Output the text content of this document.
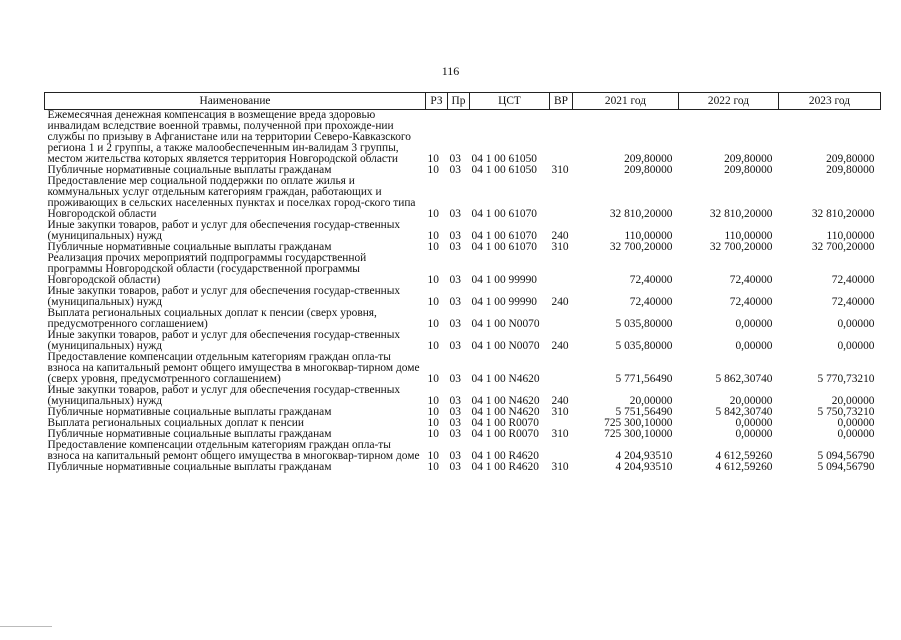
116
Наименование	РЗ	Пр	ЦСТ	ВР	2021 год	2022 год	2023 год
Ежемесячная денежная компенсация в возмещение вреда здоровью инвалидам вследствие военной травмы, полученной при прохожде-нии службы по призыву в Афганистане или на территории Северо-Кавказского региона 1 и 2 группы, а также малообеспеченным ин-валидам 3 группы, местом жительства которых является территория Новгородской области	10	03	04 1 00 61050		209,80000	209,80000	209,80000
Публичные нормативные социальные выплаты гражданам	10	03	04 1 00 61050	310	209,80000	209,80000	209,80000
Предоставление мер социальной поддержки по оплате жилья и коммунальных услуг отдельным категориям граждан, работающих и проживающих в сельских населенных пунктах и поселках город-ского типа Новгородской области	10	03	04 1 00 61070		32 810,20000	32 810,20000	32 810,20000
Иные закупки товаров, работ и услуг для обеспечения государ-ственных (муниципальных) нужд	10	03	04 1 00 61070	240	110,00000	110,00000	110,00000
Публичные нормативные социальные выплаты гражданам	10	03	04 1 00 61070	310	32 700,20000	32 700,20000	32 700,20000
Реализация прочих мероприятий подпрограммы государственной программы Новгородской области (государственной программы Новгородской области)	10	03	04 1 00 99990		72,40000	72,40000	72,40000
Иные закупки товаров, работ и услуг для обеспечения государ-ственных (муниципальных) нужд	10	03	04 1 00 99990	240	72,40000	72,40000	72,40000
Выплата региональных социальных доплат к пенсии (сверх уровня, предусмотренного соглашением)	10	03	04 1 00 N0070		5 035,80000	0,00000	0,00000
Иные закупки товаров, работ и услуг для обеспечения государ-ственных (муниципальных) нужд	10	03	04 1 00 N0070	240	5 035,80000	0,00000	0,00000
Предоставление компенсации отдельным категориям граждан опла-ты взноса на капитальный ремонт общего имущества в многоквар-тирном доме (сверх уровня, предусмотренного соглашением)	10	03	04 1 00 N4620		5 771,56490	5 862,30740	5 770,73210
Иные закупки товаров, работ и услуг для обеспечения государ-ственных (муниципальных) нужд	10	03	04 1 00 N4620	240	20,00000	20,00000	20,00000
Публичные нормативные социальные выплаты гражданам	10	03	04 1 00 N4620	310	5 751,56490	5 842,30740	5 750,73210
Выплата региональных социальных доплат к пенсии	10	03	04 1 00 R0070		725 300,10000	0,00000	0,00000
Публичные нормативные социальные выплаты гражданам	10	03	04 1 00 R0070	310	725 300,10000	0,00000	0,00000
Предоставление компенсации отдельным категориям граждан опла-ты взноса на капитальный ремонт общего имущества в многоквар-тирном доме	10	03	04 1 00 R4620		4 204,93510	4 612,59260	5 094,56790
Публичные нормативные социальные выплаты гражданам	10	03	04 1 00 R4620	310	4 204,93510	4 612,59260	5 094,56790
